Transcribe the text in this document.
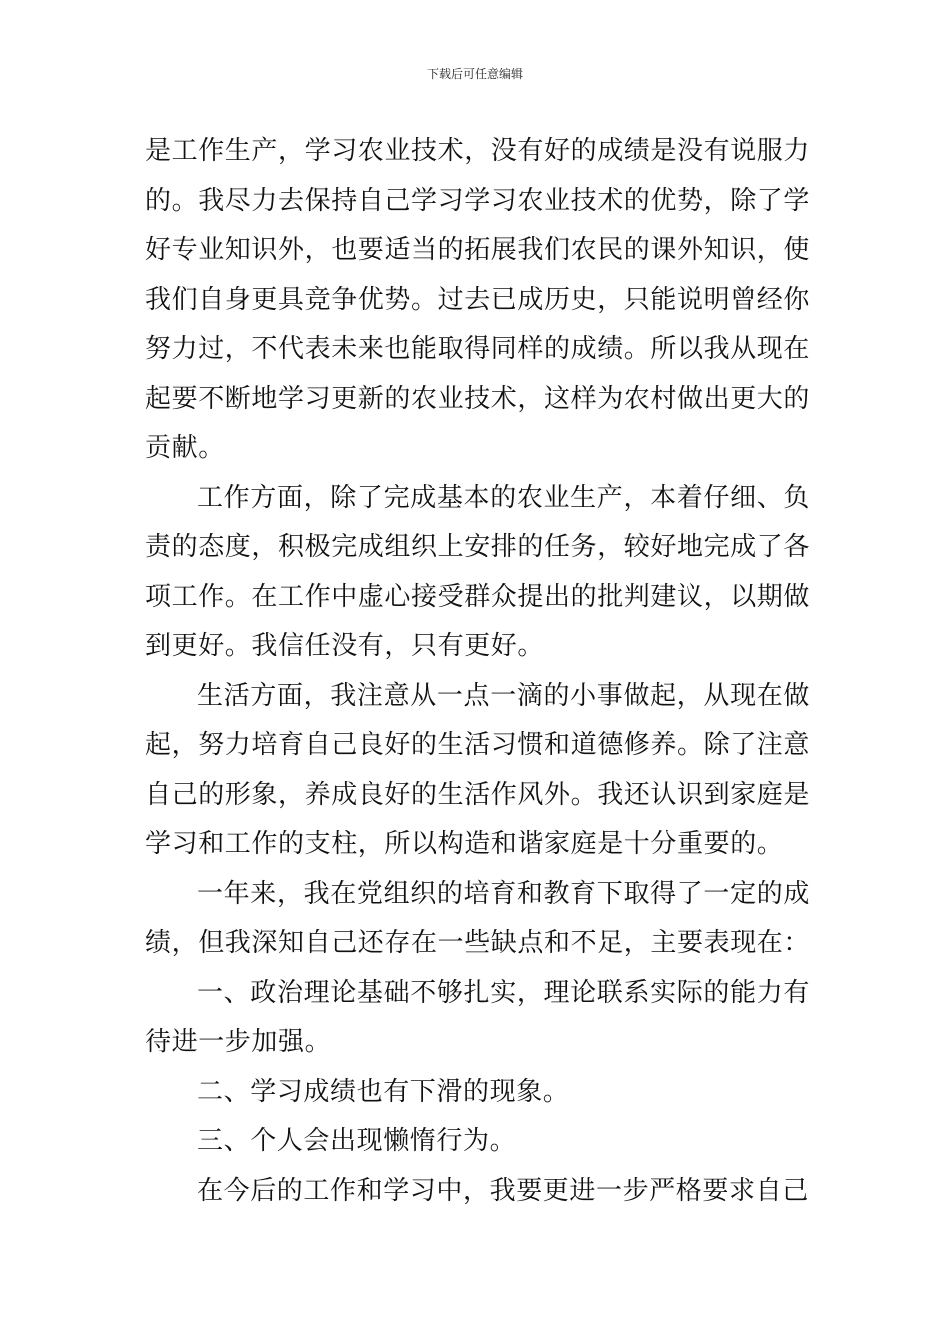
下载后可任意编辑

是工作生产，学习农业技术，没有好的成绩是没有说服力的。我尽力去保持自己学习学习农业技术的优势，除了学好专业知识外，也要适当的拓展我们农民的课外知识，使我们自身更具竞争优势。过去已成历史，只能说明曾经你努力过，不代表未来也能取得同样的成绩。所以我从现在起要不断地学习更新的农业技术，这样为农村做出更大的贡献。

工作方面，除了完成基本的农业生产，本着仔细、负责的态度，积极完成组织上安排的任务，较好地完成了各项工作。在工作中虚心接受群众提出的批判建议，以期做到更好。我信任没有，只有更好。

生活方面，我注意从一点一滴的小事做起，从现在做起，努力培育自己良好的生活习惯和道德修养。除了注意自己的形象，养成良好的生活作风外。我还认识到家庭是学习和工作的支柱，所以构造和谐家庭是十分重要的。

一年来，我在党组织的培育和教育下取得了一定的成绩，但我深知自己还存在一些缺点和不足，主要表现在：

一、政治理论基础不够扎实，理论联系实际的能力有待进一步加强。

二、学习成绩也有下滑的现象。

三、个人会出现懒惰行为。

在今后的工作和学习中，我要更进一步严格要求自己
